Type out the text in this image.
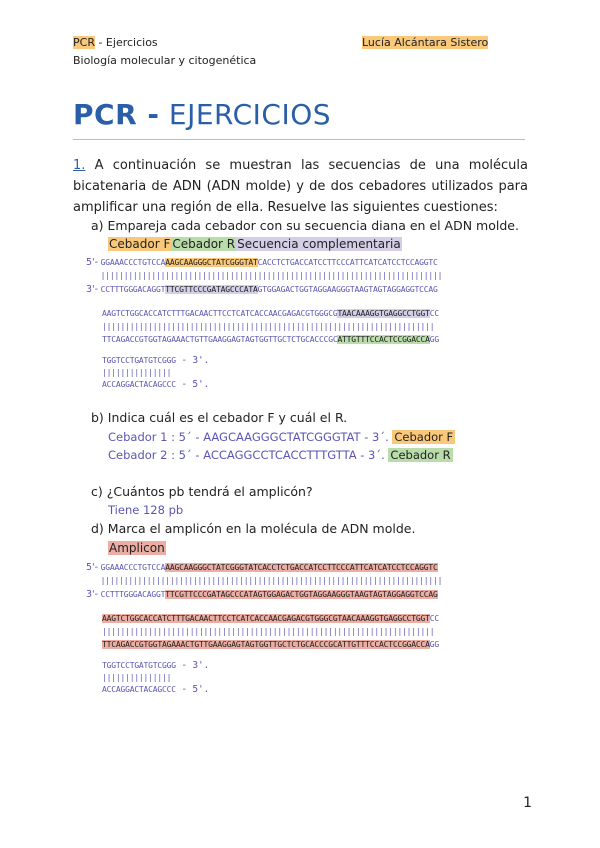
PCR - Ejercicios
Biología molecular y citogenética
Lucía Alcántara Sistero
PCR - EJERCICIOS
1. A continuación se muestran las secuencias de una molécula bicatenaria de ADN (ADN molde) y de dos cebadores utilizados para amplificar una región de ella. Resuelve las siguientes cuestiones:
a) Empareja cada cebador con su secuencia diana en el ADN molde.
Cebador F Cebador R Secuencia complementaria
5'-
GGAAACCCTGTCCAAAGCAAGGGCTATCGGGTATCACCTCTGACCATCCTTCCCATTCATCATCCTCCAGGTC
||||||||||||||||||||||||||||||||||||||||||||||||||||||||||||||||||||||||||
3'-
CCTTTGGGACAGGTTTCGTTCCCGATAGCCCATAGTGGAGACTGGTAGGAAGGGTAAGTAGTAGGAGGTCCAG
AAGTCTGGCACCATCTTTGACAACTTCCTCATCACCAACGAGACGTGGGCGTAACAAAGGTGAGGCCTGGTCC
||||||||||||||||||||||||||||||||||||||||||||||||||||||||||||||||||||||||
TTCAGACCGTGGTAGAAACTGTTGAAGGAGTAGTGGTTGCTCTGCACCCGCATTGTTTCCACTCCGGACCAGG
TGGTCCTGATGTCGGG - 3'.
|||||||||||||||
ACCAGGACTACAGCCC - 5'.
b) Indica cuál es el cebador F y cuál el R.
Cebador 1 : 5´ - AAGCAAGGGCTATCGGGTAT - 3´. Cebador F
Cebador 2 : 5´ - ACCAGGCCTCACCTTTGTTA - 3´. Cebador R
c) ¿Cuántos pb tendrá el amplicón?
Tiene 128 pb
d) Marca el amplicón en la molécula de ADN molde.
Amplicon
5'-
GGAAACCCTGTCCAAAGCAAGGGCTATCGGGTATCACCTCTGACCATCCTTCCCATTCATCATCCTCCAGGTC
||||||||||||||||||||||||||||||||||||||||||||||||||||||||||||||||||||||||||
3'-
CCTTTGGGACAGGTTTCGTTCCCGATAGCCCATAGTGGAGACTGGTAGGAAGGGTAAGTAGTAGGAGGTCCAG
AAGTCTGGCACCATCTTTGACAACTTCCTCATCACCAACGAGACGTGGGCGTAACAAAGGTGAGGCCTGGTCC
||||||||||||||||||||||||||||||||||||||||||||||||||||||||||||||||||||||||
TTCAGACCGTGGTAGAAACTGTTGAAGGAGTAGTGGTTGCTCTGCACCCGCATTGTTTCCACTCCGGACCAGG
TGGTCCTGATGTCGGG - 3'.
|||||||||||||||
ACCAGGACTACAGCCC - 5'.
1
